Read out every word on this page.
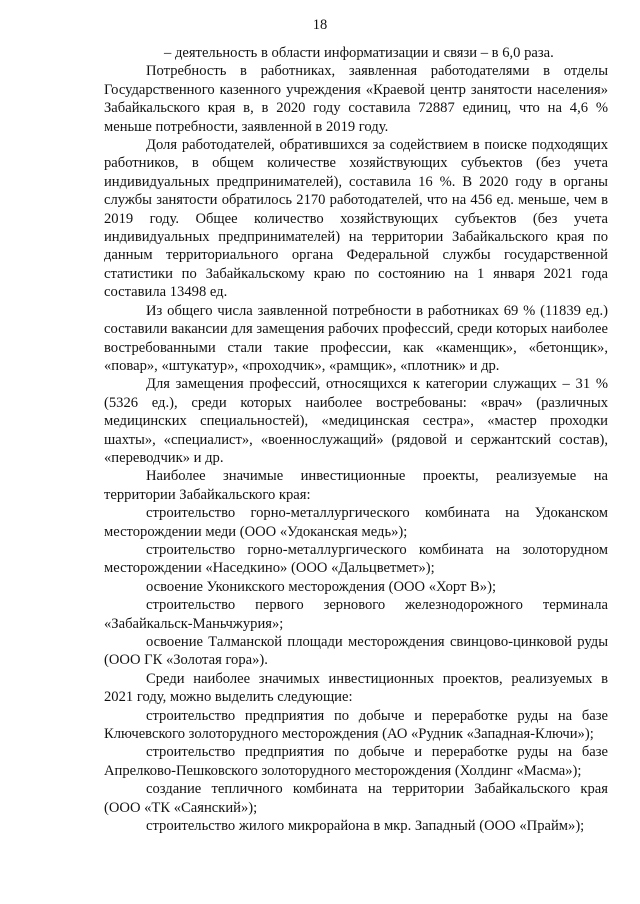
18

– деятельность в области информатизации и связи – в 6,0 раза.

Потребность в работниках, заявленная работодателями в отделы Государственного казенного учреждения «Краевой центр занятости населения» Забайкальского края в, в 2020 году составила 72887 единиц, что на 4,6 % меньше потребности, заявленной в 2019 году.

Доля работодателей, обратившихся за содействием в поиске подходящих работников, в общем количестве хозяйствующих субъектов (без учета индивидуальных предпринимателей), составила 16 %. В 2020 году в органы службы занятости обратилось 2170 работодателей, что на 456 ед. меньше, чем в 2019 году. Общее количество хозяйствующих субъектов (без учета индивидуальных предпринимателей) на территории Забайкальского края по данным территориального органа Федеральной службы государственной статистики по Забайкальскому краю по состоянию на 1 января 2021 года составила 13498 ед.

Из общего числа заявленной потребности в работниках 69 % (11839 ед.) составили вакансии для замещения рабочих профессий, среди которых наиболее востребованными стали такие профессии, как «каменщик», «бетонщик», «повар», «штукатур», «проходчик», «рамщик», «плотник» и др.

Для замещения профессий, относящихся к категории служащих – 31 % (5326 ед.), среди которых наиболее востребованы: «врач» (различных медицинских специальностей), «медицинская сестра», «мастер проходки шахты», «специалист», «военнослужащий» (рядовой и сержантский состав), «переводчик» и др.

Наиболее значимые инвестиционные проекты, реализуемые на территории Забайкальского края:

строительство горно-металлургического комбината на Удоканском месторождении меди (ООО «Удоканская медь»);

строительство горно-металлургического комбината на золоторудном месторождении «Наседкино» (ООО «Дальцветмет»);

освоение Уконикского месторождения (ООО «Хорт В»);

строительство первого зернового железнодорожного терминала «Забайкальск-Маньчжурия»;

освоение Талманской площади месторождения свинцово-цинковой руды (ООО ГК «Золотая гора»).

Среди наиболее значимых инвестиционных проектов, реализуемых в 2021 году, можно выделить следующие:

строительство предприятия по добыче и переработке руды на базе Ключевского золоторудного месторождения (АО «Рудник «Западная-Ключи»);

строительство предприятия по добыче и переработке руды на базе Апрелково-Пешковского золоторудного месторождения (Холдинг «Масма»);

создание тепличного комбината на территории Забайкальского края (ООО «ТК «Саянский»);

строительство жилого микрорайона в мкр. Западный (ООО «Прайм»);
